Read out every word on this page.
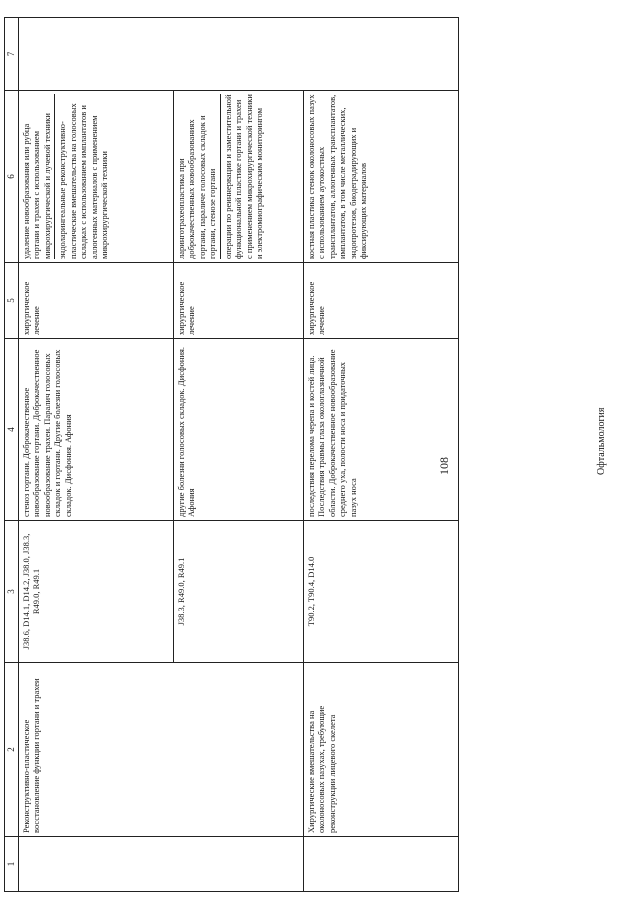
108
1	2	3	4	5	6	7
	Реконструктивно-пластическое восстановление функции гортани и трахеи	J38.6, D14.1, D14.2, J38.0, J38.3, R49.0, R49.1	стеноз гортани. Доброкачественное новообразование гортани. Доброкачественное новообразование трахеи. Паралич голосовых складок и гортани. Другие болезни голосовых складок. Дисфония. Афония	хирургическое лечение	удаление новообразования или рубца гортани и трахеи с использованием микрохирургической и лучевой техники эндоларингеальные реконструктивно-пластические вмешательства на голосовых складках с использованием имплантатов и аллогенных материалов с применением микрохирургической техники	

		J38.3, R49.0, R49.1	другие болезни голосовых складок. Дисфония. Афония	хирургическое лечение	ларинготрахеопластика при доброкачественных новообразованиях гортани, параличе голосовых складок и гортани, стенозе гортани операции по реиннервации и заместительной функциональной пластике гортани и трахеи с применением микрохирургической техники и электромиографическим мониторингом	

	Хирургические вмешательства на околоносовых пазухах, требующие реконструкции лицевого скелета	T90.2, T90.4, D14.0	последствия перелома черепа и костей лица. Последствия травмы глаза окологлазничной области. Доброкачественное новообразование среднего уха, полости носа и придаточных пазух носа	хирургическое лечение	костная пластика стенок околоносовых пазух с использованием аутокостных трансплантатов, аллогенных трансплантатов, имплантатов, в том числе металлических, эндопротезов, биодеградирующих и фиксирующих материалов	
Офтальмология
